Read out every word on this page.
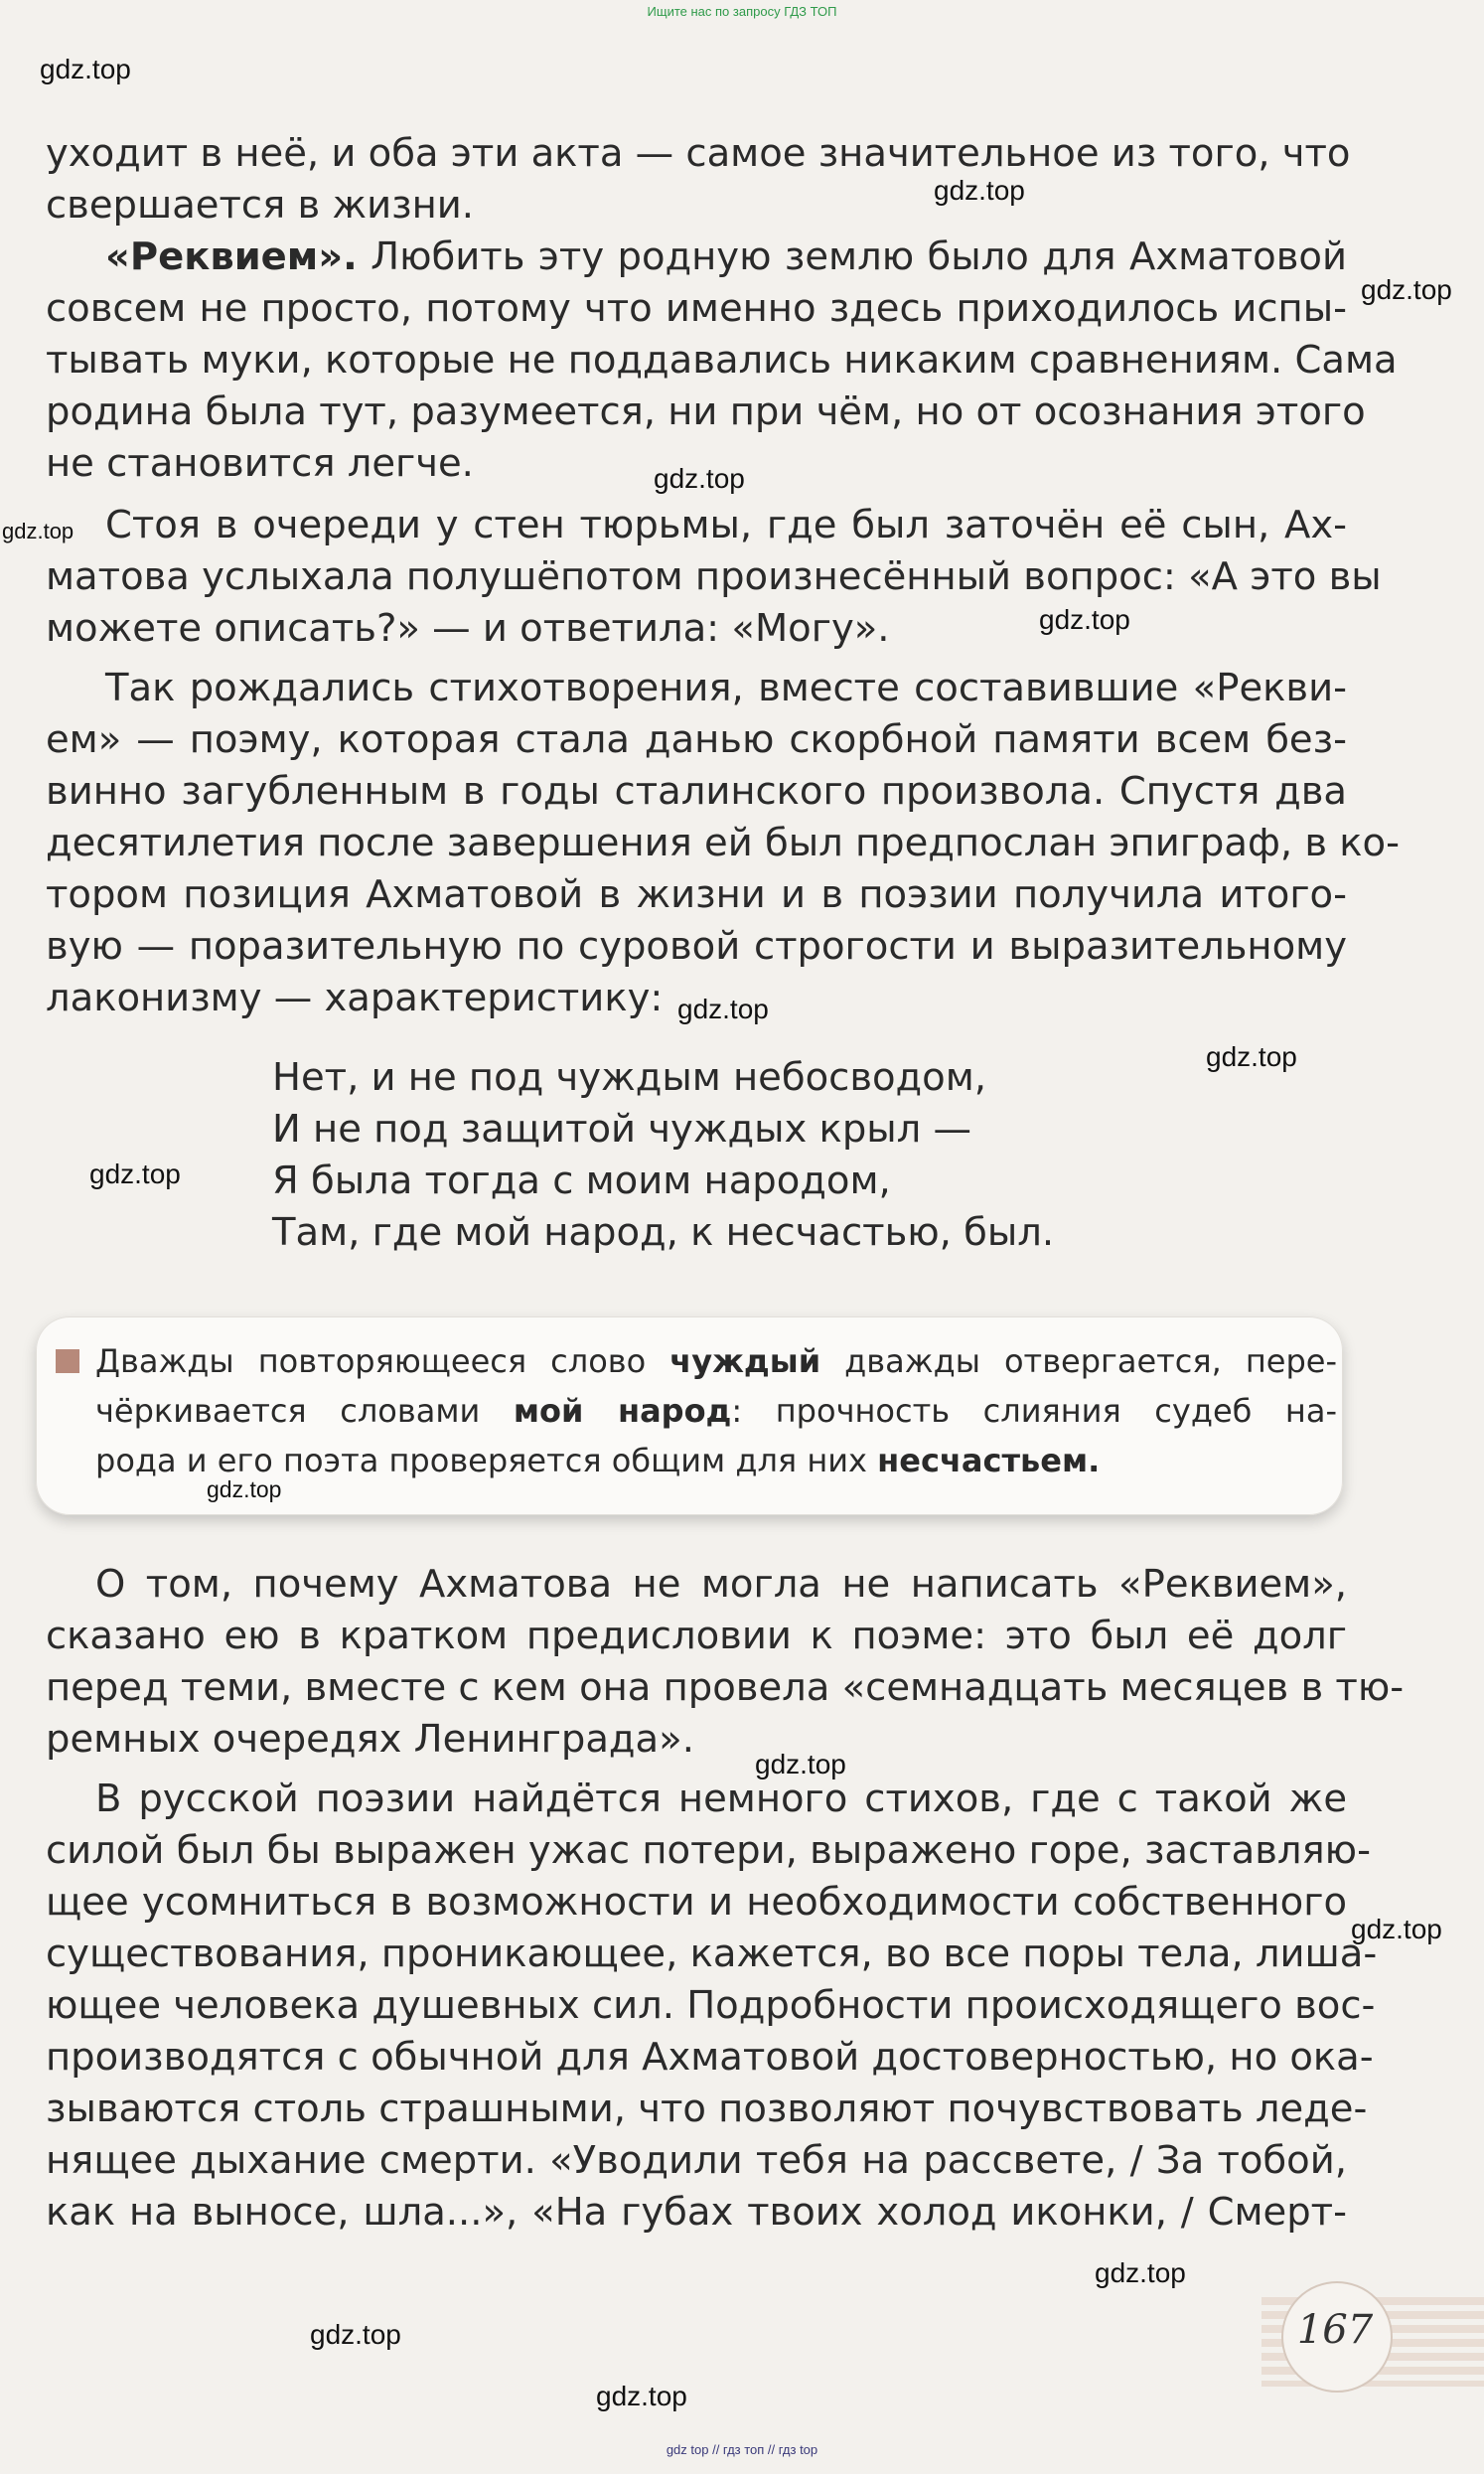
Ищите нас по запросу ГДЗ ТОП
уходит в неё, и оба эти акта — самое значительное из того, что
свершается в жизни.
«Реквием». Любить эту родную землю было для Ахматовой
совсем не просто, потому что именно здесь приходилось испы-
тывать муки, которые не поддавались никаким сравнениям. Сама
родина была тут, разумеется, ни при чём, но от осознания этого
не становится легче.
Стоя в очереди у стен тюрьмы, где был заточён её сын, Ах-
матова услыхала полушёпотом произнесённый вопрос: «А это вы
можете описать?» — и ответила: «Могу».
Так рождались стихотворения, вместе составившие «Рекви-
ем» — поэму, которая стала данью скорбной памяти всем без-
винно загубленным в годы сталинского произвола. Спустя два
десятилетия после завершения ей был предпослан эпиграф, в ко-
тором позиция Ахматовой в жизни и в поэзии получила итого-
вую — поразительную по суровой строгости и выразительному
лаконизму — характеристику:
Нет, и не под чуждым небосводом,
И не под защитой чуждых крыл —
Я была тогда с моим народом,
Там, где мой народ, к несчастью, был.
Дважды повторяющееся слово чуждый дважды отвергается, пере-
чёркивается словами мой народ: прочность слияния судеб на-
рода и его поэта проверяется общим для них несчастьем.
О том, почему Ахматова не могла не написать «Реквием»,
сказано ею в кратком предисловии к поэме: это был её долг
перед теми, вместе с кем она провела «семнадцать месяцев в тю-
ремных очередях Ленинграда».
В русской поэзии найдётся немного стихов, где с такой же
силой был бы выражен ужас потери, выражено горе, заставляю-
щее усомниться в возможности и необходимости собственного
существования, проникающее, кажется, во все поры тела, лиша-
ющее человека душевных сил. Подробности происходящего вос-
производятся с обычной для Ахматовой достоверностью, но ока-
зываются столь страшными, что позволяют почувствовать леде-
нящее дыхание смерти. «Уводили тебя на рассвете, / За тобой,
как на выносе, шла...», «На губах твоих холод иконки, / Смерт-
167
gdz.top
gdz.top
gdz.top
gdz.top
gdz.top
gdz.top
gdz.top
gdz.top
gdz.top
gdz.top
gdz.top
gdz.top
gdz.top
gdz.top
gdz.top
gdz top // гдз топ // гдз top
